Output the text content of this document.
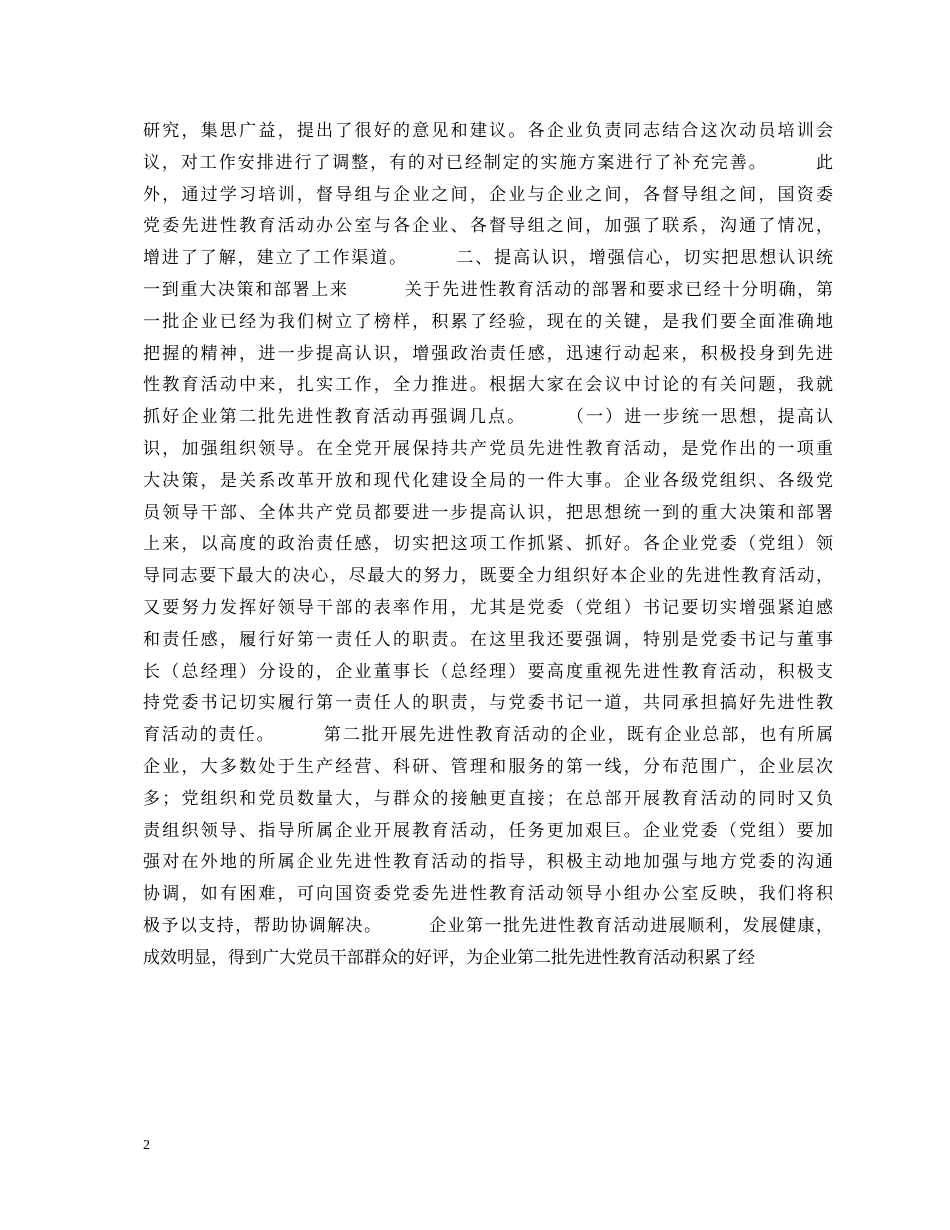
研究，集思广益，提出了很好的意见和建议。各企业负责同志结合这次动员培训会
议，对工作安排进行了调整，有的对已经制定的实施方案进行了补充完善。　　　此
外，通过学习培训，督导组与企业之间，企业与企业之间，各督导组之间，国资委
党委先进性教育活动办公室与各企业、各督导组之间，加强了联系，沟通了情况，
增进了了解，建立了工作渠道。　　　二、提高认识，增强信心，切实把思想认识统
一到重大决策和部署上来　　　关于先进性教育活动的部署和要求已经十分明确，第
一批企业已经为我们树立了榜样，积累了经验，现在的关键，是我们要全面准确地
把握的精神，进一步提高认识，增强政治责任感，迅速行动起来，积极投身到先进
性教育活动中来，扎实工作，全力推进。根据大家在会议中讨论的有关问题，我就
抓好企业第二批先进性教育活动再强调几点。　　　（一）进一步统一思想，提高认
识，加强组织领导。在全党开展保持共产党员先进性教育活动，是党作出的一项重
大决策，是关系改革开放和现代化建设全局的一件大事。企业各级党组织、各级党
员领导干部、全体共产党员都要进一步提高认识，把思想统一到的重大决策和部署
上来，以高度的政治责任感，切实把这项工作抓紧、抓好。各企业党委（党组）领
导同志要下最大的决心，尽最大的努力，既要全力组织好本企业的先进性教育活动，
又要努力发挥好领导干部的表率作用，尤其是党委（党组）书记要切实增强紧迫感
和责任感，履行好第一责任人的职责。在这里我还要强调，特别是党委书记与董事
长（总经理）分设的，企业董事长（总经理）要高度重视先进性教育活动，积极支
持党委书记切实履行第一责任人的职责，与党委书记一道，共同承担搞好先进性教
育活动的责任。　　　第二批开展先进性教育活动的企业，既有企业总部，也有所属
企业，大多数处于生产经营、科研、管理和服务的第一线，分布范围广，企业层次
多；党组织和党员数量大，与群众的接触更直接；在总部开展教育活动的同时又负
责组织领导、指导所属企业开展教育活动，任务更加艰巨。企业党委（党组）要加
强对在外地的所属企业先进性教育活动的指导，积极主动地加强与地方党委的沟通
协调，如有困难，可向国资委党委先进性教育活动领导小组办公室反映，我们将积
极予以支持，帮助协调解决。　　　企业第一批先进性教育活动进展顺利，发展健康，
成效明显，得到广大党员干部群众的好评，为企业第二批先进性教育活动积累了经
2
